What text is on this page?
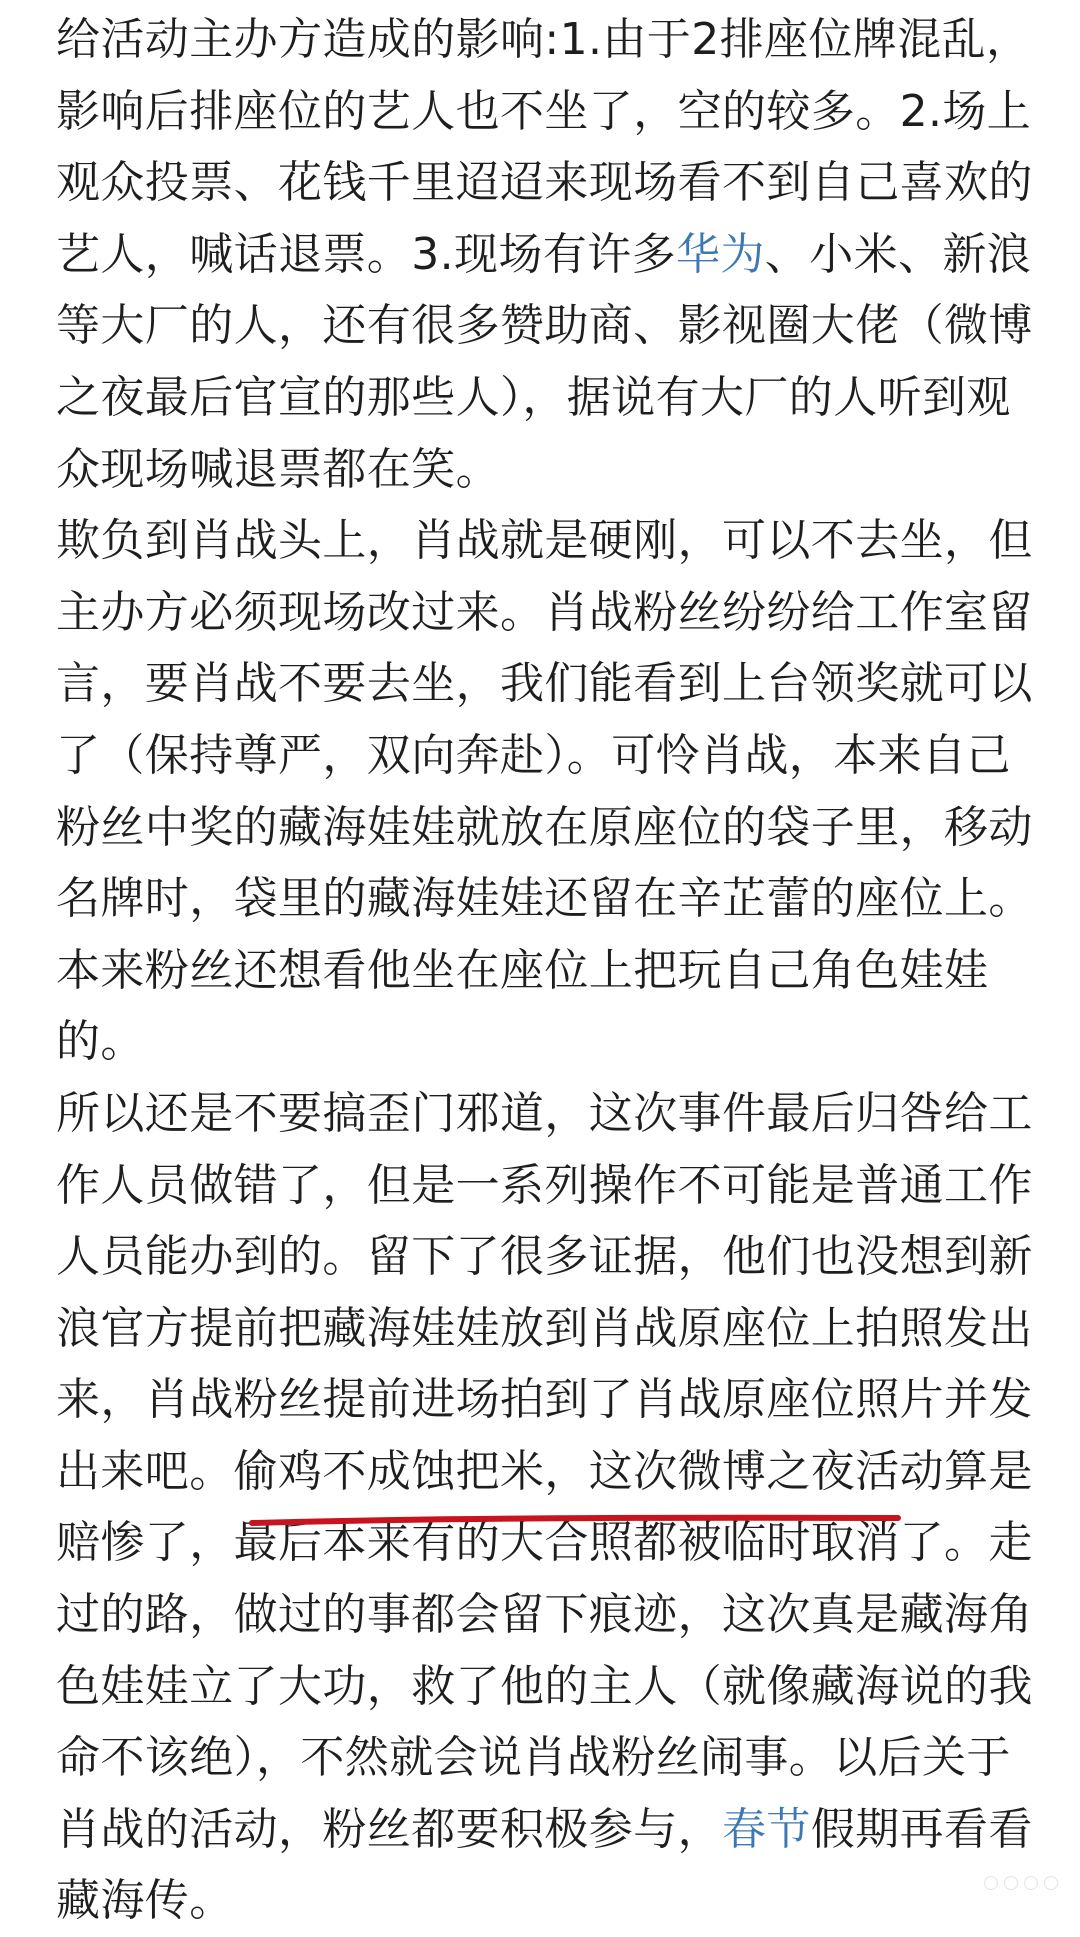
给活动主办方造成的影响:1.由于2排座位牌混乱，
影响后排座位的艺人也不坐了，空的较多。2.场上
观众投票、花钱千里迢迢来现场看不到自己喜欢的
艺人，喊话退票。3.现场有许多华为、小米、新浪
等大厂的人，还有很多赞助商、影视圈大佬（微博
之夜最后官宣的那些人），据说有大厂的人听到观
众现场喊退票都在笑。
欺负到肖战头上，肖战就是硬刚，可以不去坐，但
主办方必须现场改过来。肖战粉丝纷纷给工作室留
言，要肖战不要去坐，我们能看到上台领奖就可以
了（保持尊严，双向奔赴）。可怜肖战，本来自己
粉丝中奖的藏海娃娃就放在原座位的袋子里，移动
名牌时，袋里的藏海娃娃还留在辛芷蕾的座位上。
本来粉丝还想看他坐在座位上把玩自己角色娃娃
的。
所以还是不要搞歪门邪道，这次事件最后归咎给工
作人员做错了，但是一系列操作不可能是普通工作
人员能办到的。留下了很多证据，他们也没想到新
浪官方提前把藏海娃娃放到肖战原座位上拍照发出
来，肖战粉丝提前进场拍到了肖战原座位照片并发
出来吧。偷鸡不成蚀把米，这次微博之夜活动算是
赔惨了，最后本来有的大合照都被临时取消了。走
过的路，做过的事都会留下痕迹，这次真是藏海角
色娃娃立了大功，救了他的主人（就像藏海说的我
命不该绝），不然就会说肖战粉丝闹事。以后关于
肖战的活动，粉丝都要积极参与，春节假期再看看
藏海传。
